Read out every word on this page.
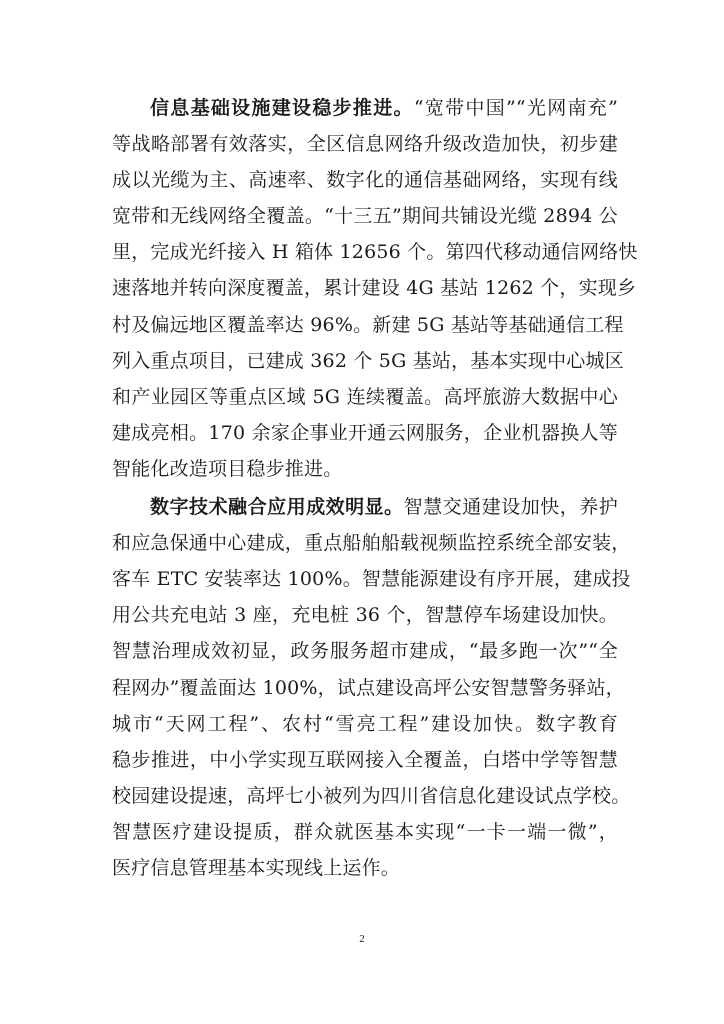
信息基础设施建设稳步推进。“宽带中国”“光网南充”
等战略部署有效落实，全区信息网络升级改造加快，初步建
成以光缆为主、高速率、数字化的通信基础网络，实现有线
宽带和无线网络全覆盖。“十三五”期间共铺设光缆 2894 公
里，完成光纤接入 H 箱体 12656 个。第四代移动通信网络快
速落地并转向深度覆盖，累计建设 4G 基站 1262 个，实现乡
村及偏远地区覆盖率达 96%。新建 5G 基站等基础通信工程
列入重点项目，已建成 362 个 5G 基站，基本实现中心城区
和产业园区等重点区域 5G 连续覆盖。高坪旅游大数据中心
建成亮相。170 余家企事业开通云网服务，企业机器换人等
智能化改造项目稳步推进。
数字技术融合应用成效明显。智慧交通建设加快，养护
和应急保通中心建成，重点船舶船载视频监控系统全部安装，
客车 ETC 安装率达 100%。智慧能源建设有序开展，建成投
用公共充电站 3 座，充电桩 36 个，智慧停车场建设加快。
智慧治理成效初显，政务服务超市建成，“最多跑一次”“全
程网办”覆盖面达 100%，试点建设高坪公安智慧警务驿站，
城市“天网工程”、农村“雪亮工程”建设加快。数字教育
稳步推进，中小学实现互联网接入全覆盖，白塔中学等智慧
校园建设提速，高坪七小被列为四川省信息化建设试点学校。
智慧医疗建设提质，群众就医基本实现“一卡一端一微”，
医疗信息管理基本实现线上运作。
2
